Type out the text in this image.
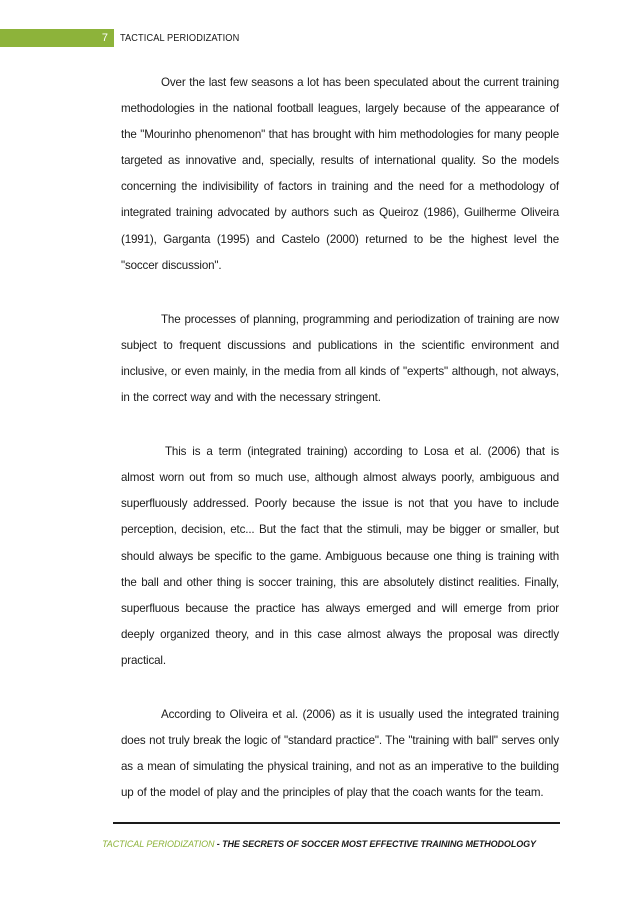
7 TACTICAL PERIODIZATION

Over the last few seasons a lot has been speculated about the current training methodologies in the national football leagues, largely because of the appearance of the "Mourinho phenomenon" that has brought with him methodologies for many people targeted as innovative and, specially, results of international quality. So the models concerning the indivisibility of factors in training and the need for a methodology of integrated training advocated by authors such as Queiroz (1986), Guilherme Oliveira (1991), Garganta (1995) and Castelo (2000) returned to be the highest level the "soccer discussion".

The processes of planning, programming and periodization of training are now subject to frequent discussions and publications in the scientific environment and inclusive, or even mainly, in the media from all kinds of "experts" although, not always, in the correct way and with the necessary stringent.

This is a term (integrated training) according to Losa et al. (2006) that is almost worn out from so much use, although almost always poorly, ambiguous and superfluously addressed. Poorly because the issue is not that you have to include perception, decision, etc... But the fact that the stimuli, may be bigger or smaller, but should always be specific to the game. Ambiguous because one thing is training with the ball and other thing is soccer training, this are absolutely distinct realities. Finally, superfluous because the practice has always emerged and will emerge from prior deeply organized theory, and in this case almost always the proposal was directly practical.

According to Oliveira et al. (2006) as it is usually used the integrated training does not truly break the logic of "standard practice". The "training with ball" serves only as a mean of simulating the physical training, and not as an imperative to the building up of the model of play and the principles of play that the coach wants for the team.

TACTICAL PERIODIZATION - THE SECRETS OF SOCCER MOST EFFECTIVE TRAINING METHODOLOGY
